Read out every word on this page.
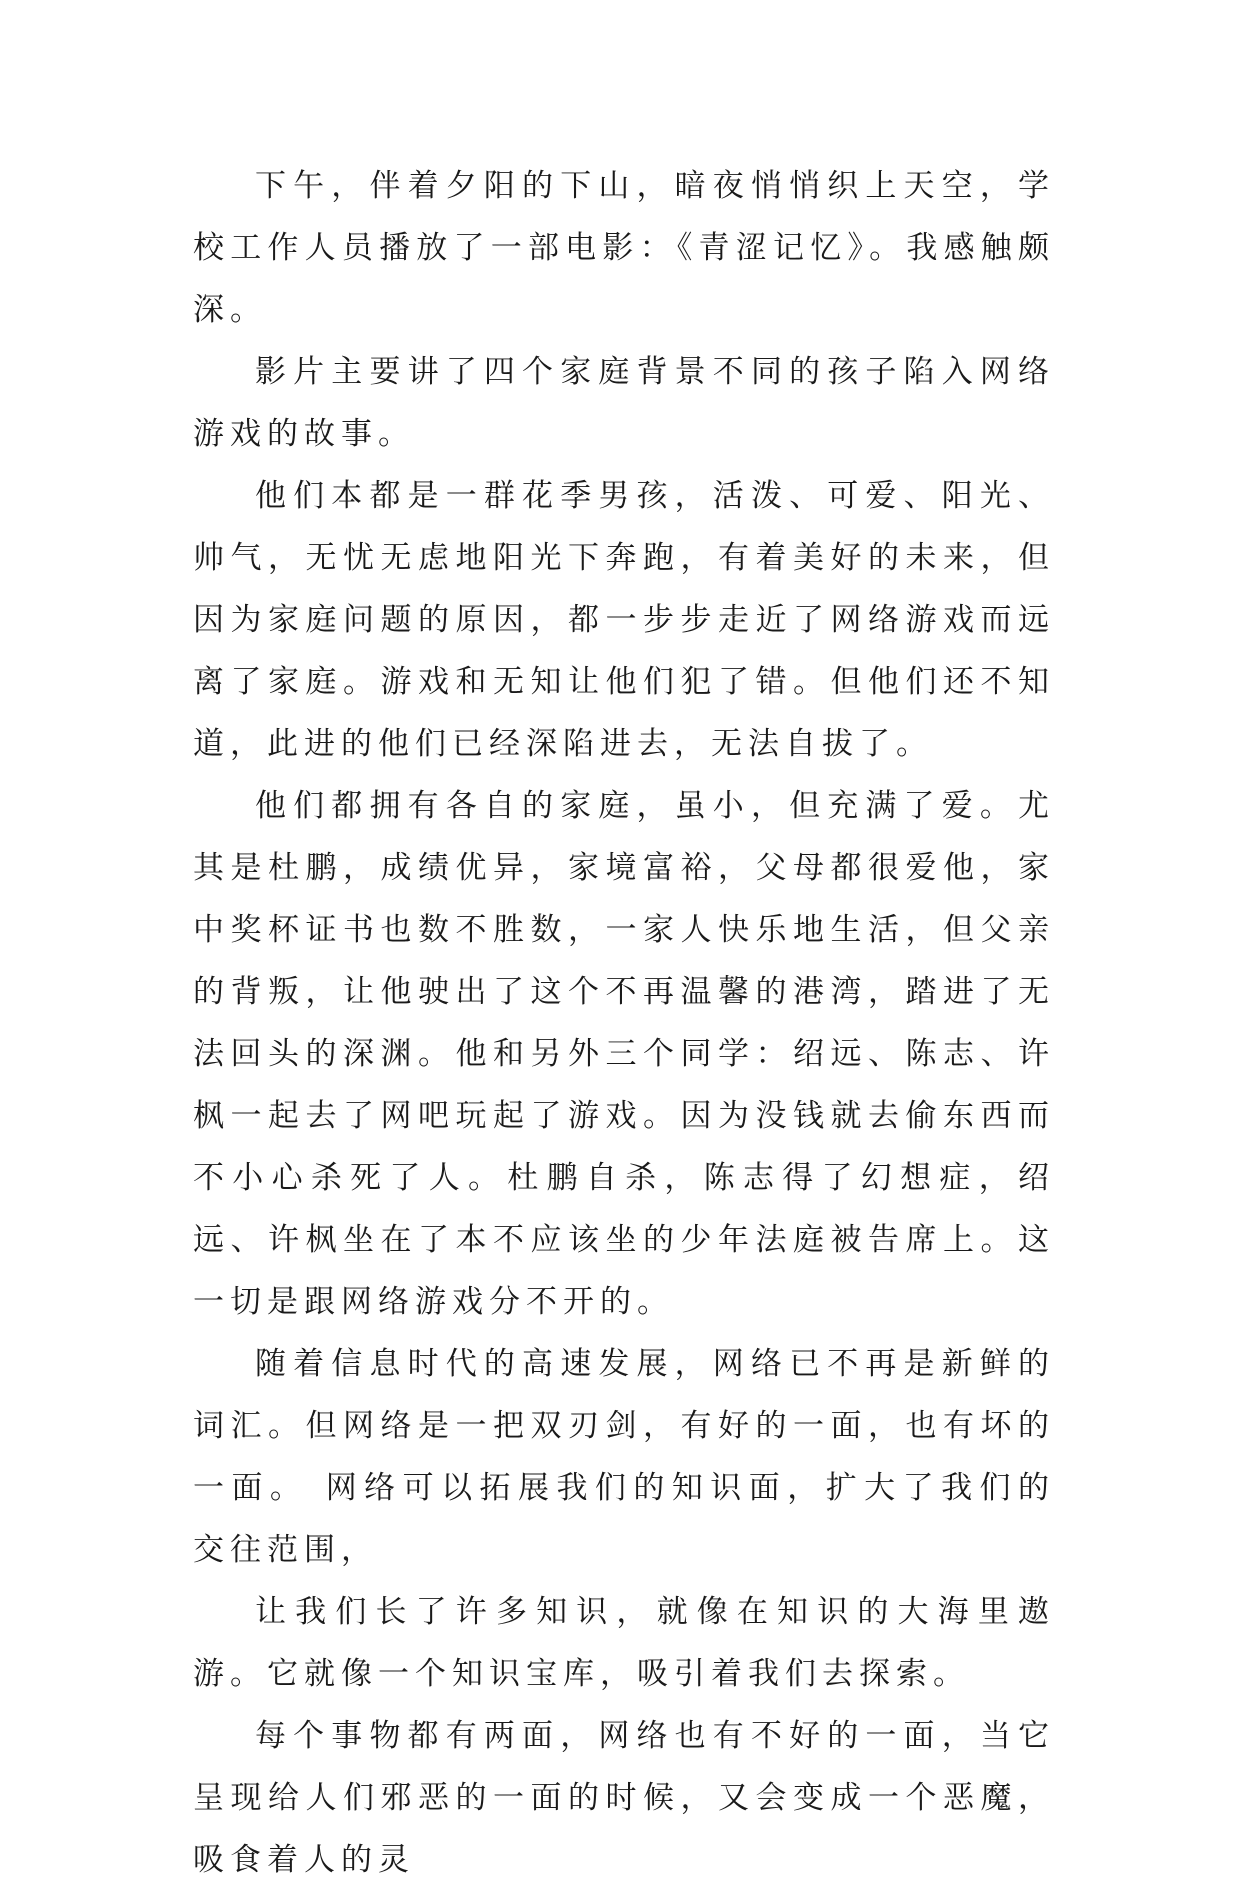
下午，伴着夕阳的下山，暗夜悄悄织上天空，学校工作人员播放了一部电影：《青涩记忆》。我感触颇深。

影片主要讲了四个家庭背景不同的孩子陷入网络游戏的故事。

他们本都是一群花季男孩，活泼、可爱、阳光、帅气，无忧无虑地阳光下奔跑，有着美好的未来，但因为家庭问题的原因，都一步步走近了网络游戏而远离了家庭。游戏和无知让他们犯了错。但他们还不知道，此进的他们已经深陷进去，无法自拔了。

他们都拥有各自的家庭，虽小，但充满了爱。尤其是杜鹏，成绩优异，家境富裕，父母都很爱他，家中奖杯证书也数不胜数，一家人快乐地生活，但父亲的背叛，让他驶出了这个不再温馨的港湾，踏进了无法回头的深渊。他和另外三个同学：绍远、陈志、许枫一起去了网吧玩起了游戏。因为没钱就去偷东西而不小心杀死了人。杜鹏自杀，陈志得了幻想症，绍远、许枫坐在了本不应该坐的少年法庭被告席上。这一切是跟网络游戏分不开的。

随着信息时代的高速发展，网络已不再是新鲜的词汇。但网络是一把双刃剑，有好的一面，也有坏的一面。 网络可以拓展我们的知识面，扩大了我们的交往范围，

让我们长了许多知识，就像在知识的大海里遨游。它就像一个知识宝库，吸引着我们去探索。

每个事物都有两面，网络也有不好的一面，当它呈现给人们邪恶的一面的时候，又会变成一个恶魔，吸食着人的灵
